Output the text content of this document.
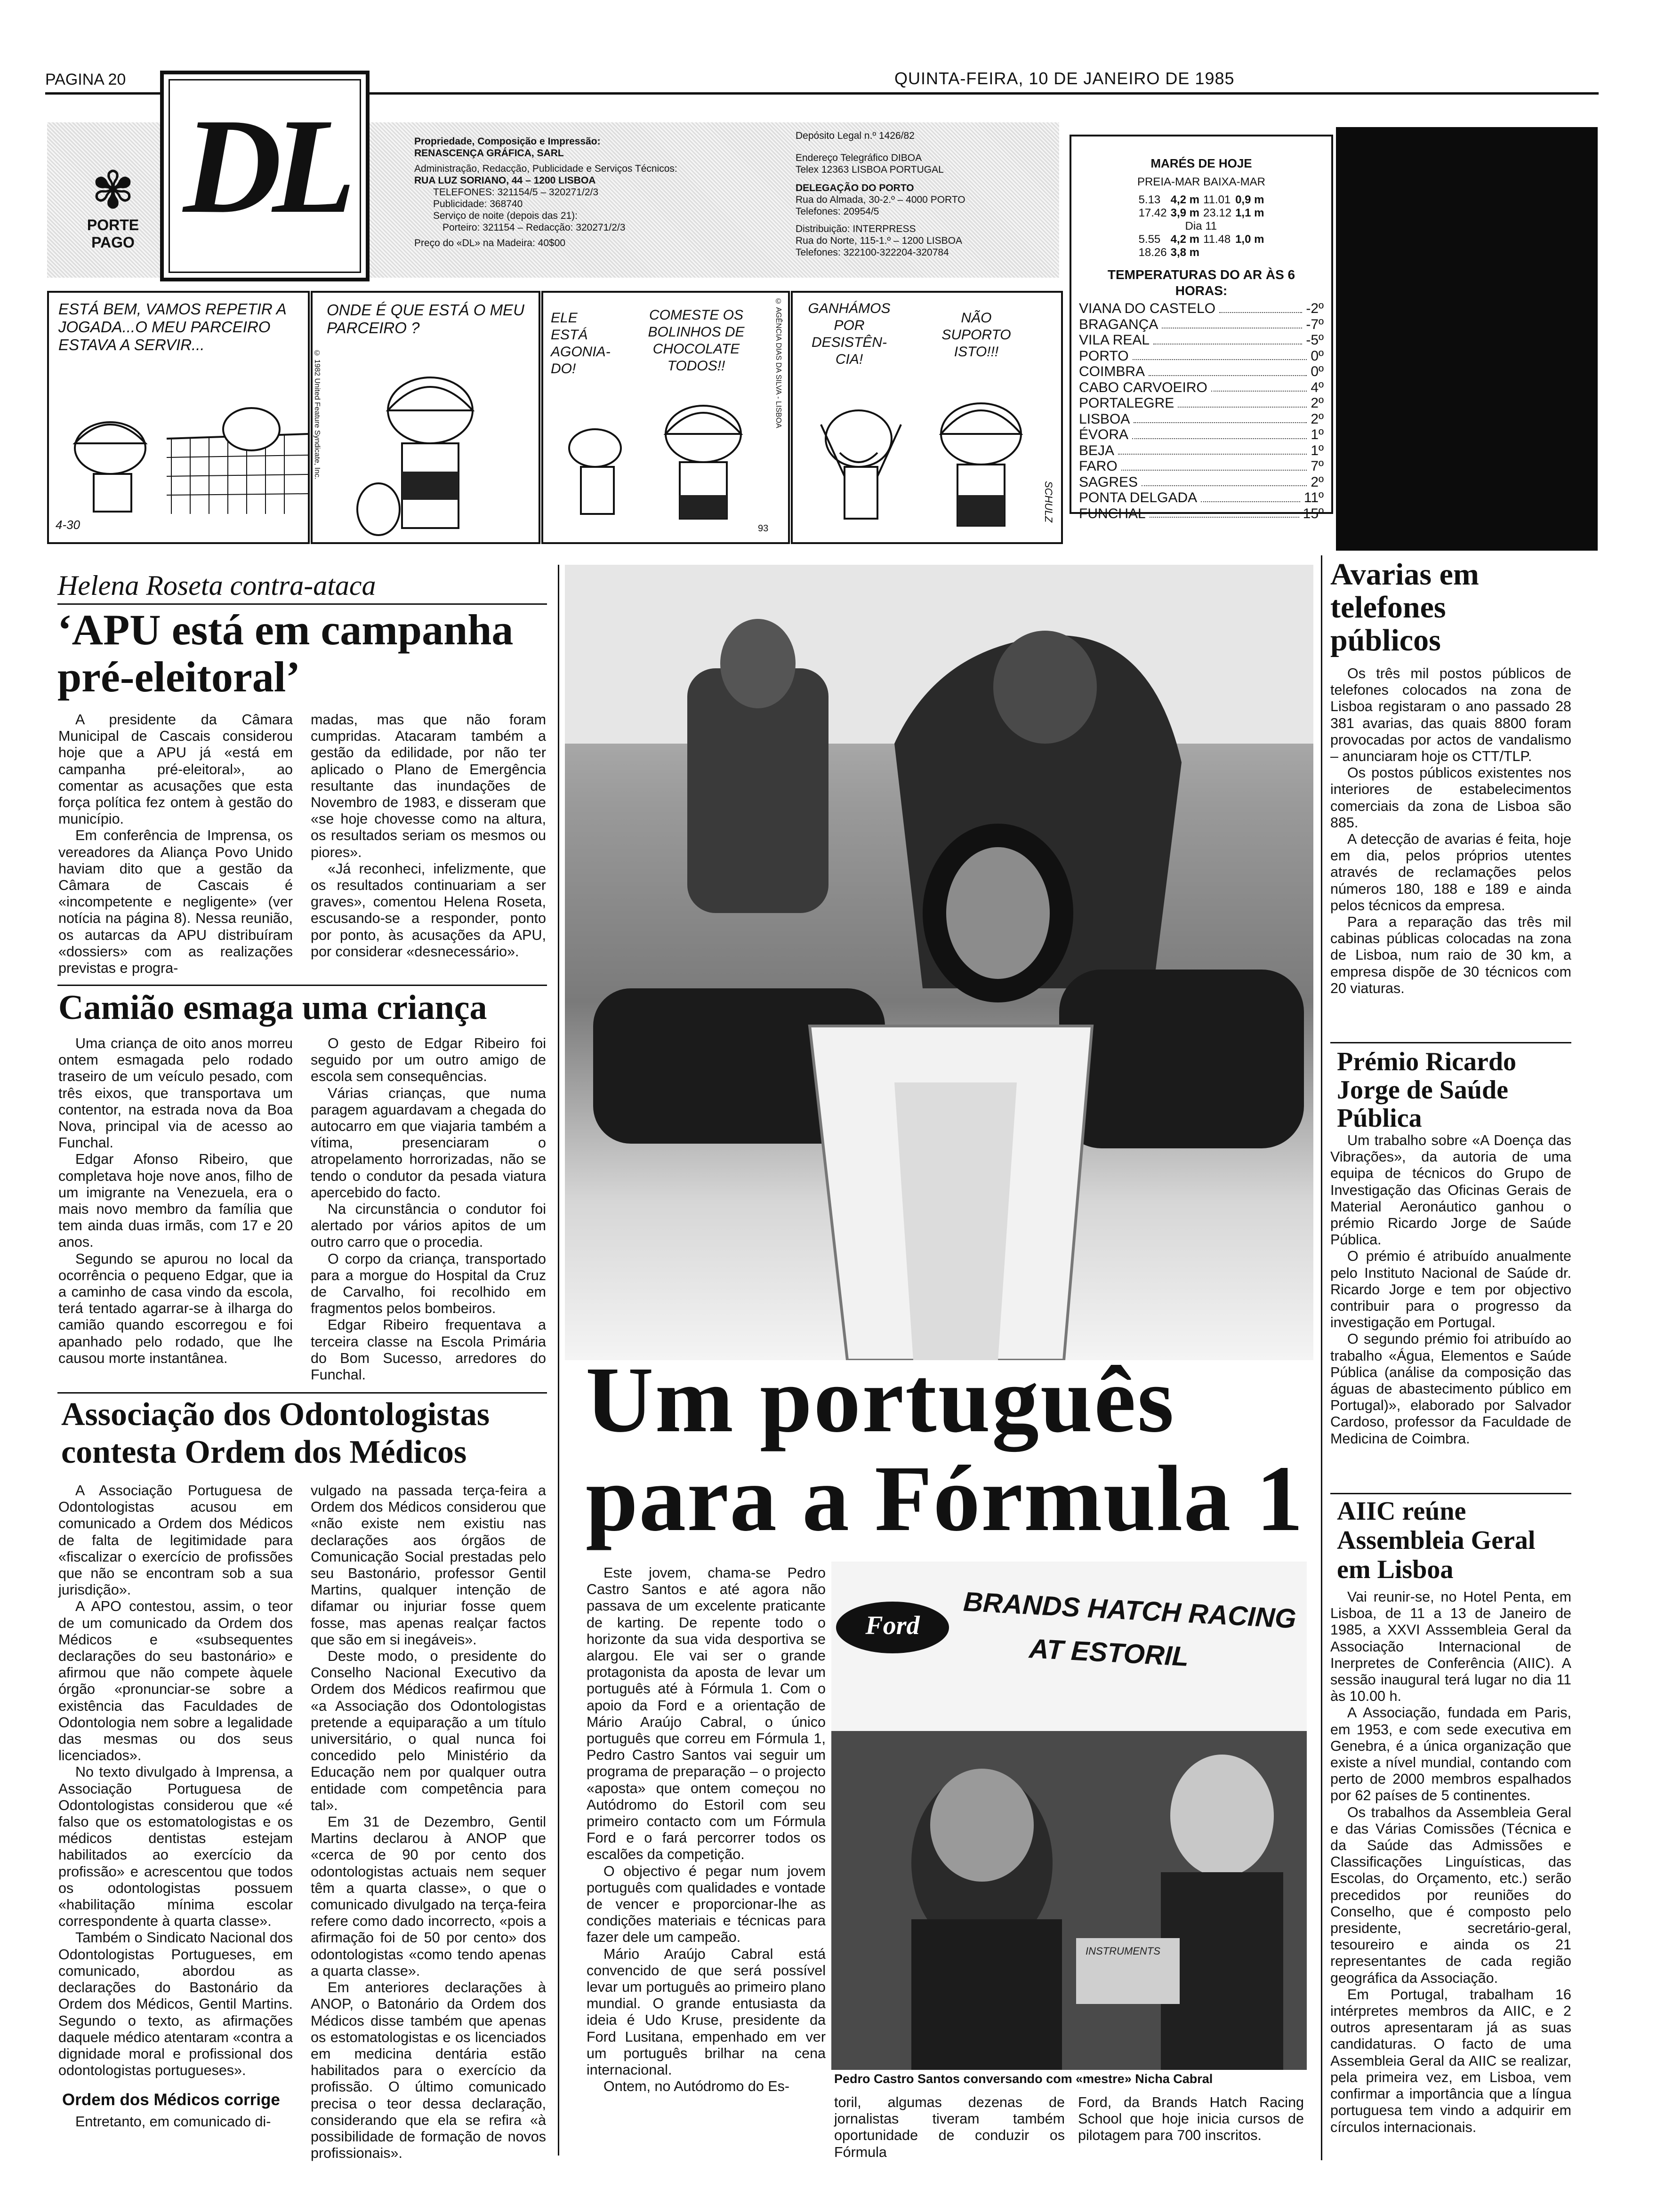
PAGINA 20	QUINTA-FEIRA, 10 DE JANEIRO DE 1985
✾
PORTE
PAGO
DL	Propriedade, Composição e Impressão:
RENASCENÇA GRÁFICA, SARL
Administração, Redacção, Publicidade e Serviços Técnicos:
RUA LUZ SORIANO, 44 – 1200 LISBOA
TELEFONES: 321154/5 – 320271/2/3
Publicidade: 368740
Serviço de noite (depois das 21):
Porteiro: 321154 – Redacção: 320271/2/3
Preço do «DL» na Madeira: 40$00
Depósito Legal n.º 1426/82
Endereço Telegráfico DIBOA
Telex 12363 LISBOA PORTUGAL
DELEGAÇÃO DO PORTO
Rua do Almada, 30-2.º – 4000 PORTO
Telefones: 20954/5
Distribuição: INTERPRESS
Rua do Norte, 115-1.º – 1200 LISBOA
Telefones: 322100-322204-320784
MARÉS DE HOJE
PREIA-MAR BAIXA-MAR
5.13	4,2 m	11.01	0,9 m
17.42	3,9 m	23.12	1,1 m
	Dia 11		
5.55	4,2 m	11.48	1,0 m
18.26	3,8 m		
TEMPERATURAS DO AR ÀS 6 HORAS:
VIANA DO CASTELO	-2º
BRAGANÇA	-7º
VILA REAL	-5º
PORTO	0º
COIMBRA	0º
CABO CARVOEIRO	4º
PORTALEGRE	2º
LISBOA	2º
ÉVORA	1º
BEJA	1º
FARO	7º
SAGRES	2º
PONTA DELGADA	11º
FUNCHAL	15º
ESTÁ BEM, VAMOS REPETIR A JOGADA...O MEU PARCEIRO ESTAVA A SERVIR...
4-30
ONDE É QUE ESTÁ O MEU PARCEIRO ?
© 1982 United Feature Syndicate, Inc.
ELE ESTÁ AGONIA-DO!
COMESTE OS BOLINHOS DE CHOCOLATE TODOS!!	© AGÊNCIA DIAS DA SILVA - LISBOA
93
GANHÁMOS POR DESISTÊN-CIA!
NÃO SUPORTO ISTO!!!
SCHULZ
Helena Roseta contra-ataca
‘APU está em campanha pré-eleitoral’

A presidente da Câmara Municipal de Cascais considerou hoje que a APU já «está em campanha pré-eleitoral», ao comentar as acusações que esta força política fez ontem à gestão do município.

Em conferência de Imprensa, os vereadores da Aliança Povo Unido haviam dito que a gestão da Câmara de Cascais é «incompetente e negligente» (ver notícia na página 8). Nessa reunião, os autarcas da APU distribuíram «dossiers» com as realizações previstas e progra-

madas, mas que não foram cumpridas. Atacaram também a gestão da edilidade, por não ter aplicado o Plano de Emergência resultante das inundações de Novembro de 1983, e disseram que «se hoje chovesse como na altura, os resultados seriam os mesmos ou piores».

«Já reconheci, infelizmente, que os resultados continuariam a ser graves», comentou Helena Roseta, escusando-se a responder, ponto por ponto, às acusações da APU, por considerar «desnecessário».

Camião esmaga uma criança

Uma criança de oito anos morreu ontem esmagada pelo rodado traseiro de um veículo pesado, com três eixos, que transportava um contentor, na estrada nova da Boa Nova, principal via de acesso ao Funchal.

Edgar Afonso Ribeiro, que completava hoje nove anos, filho de um imigrante na Venezuela, era o mais novo membro da família que tem ainda duas irmãs, com 17 e 20 anos.

Segundo se apurou no local da ocorrência o pequeno Edgar, que ia a caminho de casa vindo da escola, terá tentado agarrar-se à ilharga do camião quando escorregou e foi apanhado pelo rodado, que lhe causou morte instantânea.

O gesto de Edgar Ribeiro foi seguido por um outro amigo de escola sem consequências.

Várias crianças, que numa paragem aguardavam a chegada do autocarro em que viajaria também a vítima, presenciaram o atropelamento horrorizadas, não se tendo o condutor da pesada viatura apercebido do facto.

Na circunstância o condutor foi alertado por vários apitos de um outro carro que o procedia.

O corpo da criança, transportado para a morgue do Hospital da Cruz de Carvalho, foi recolhido em fragmentos pelos bombeiros.

Edgar Ribeiro frequentava a terceira classe na Escola Primária do Bom Sucesso, arredores do Funchal.

Associação dos Odontologistas contesta Ordem dos Médicos

A Associação Portuguesa de Odontologistas acusou em comunicado a Ordem dos Médicos de falta de legitimidade para «fiscalizar o exercício de profissões que não se encontram sob a sua jurisdição».

A APO contestou, assim, o teor de um comunicado da Ordem dos Médicos e «subsequentes declarações do seu bastonário» e afirmou que não compete àquele órgão «pronunciar-se sobre a existência das Faculdades de Odontologia nem sobre a legalidade das mesmas ou dos seus licenciados».

No texto divulgado à Imprensa, a Associação Portuguesa de Odontologistas considerou que «é falso que os estomatologistas e os médicos dentistas estejam habilitados ao exercício da profissão» e acrescentou que todos os odontologistas possuem «habilitação mínima escolar correspondente à quarta classe».

Também o Sindicato Nacional dos Odontologistas Portugueses, em comunicado, abordou as declarações do Bastonário da Ordem dos Médicos, Gentil Martins. Segundo o texto, as afirmações daquele médico atentaram «contra a dignidade moral e profissional dos odontologistas portugueses».

Ordem dos Médicos corrige

Entretanto, em comunicado di-

vulgado na passada terça-feira a Ordem dos Médicos considerou que «não existe nem existiu nas declarações aos órgãos de Comunicação Social prestadas pelo seu Bastonário, professor Gentil Martins, qualquer intenção de difamar ou injuriar fosse quem fosse, mas apenas realçar factos que são em si inegáveis».

Deste modo, o presidente do Conselho Nacional Executivo da Ordem dos Médicos reafirmou que «a Associação dos Odontologistas pretende a equiparação a um título universitário, o qual nunca foi concedido pelo Ministério da Educação nem por qualquer outra entidade com competência para tal».

Em 31 de Dezembro, Gentil Martins declarou à ANOP que «cerca de 90 por cento dos odontologistas actuais nem sequer têm a quarta classe», o que o comunicado divulgado na terça-feira refere como dado incorrecto, «pois a afirmação foi de 50 por cento» dos odontologistas «como tendo apenas a quarta classe».

Em anteriores declarações à ANOP, o Batonário da Ordem dos Médicos disse também que apenas os estomatologistas e os licenciados em medicina dentária estão habilitados para o exercício da profissão. O último comunicado precisa o teor dessa declaração, considerando que ela se refira «à possibilidade de formação de novos profissionais».

Um português
para a Fórmula 1

Este jovem, chama-se Pedro Castro Santos e até agora não passava de um excelente praticante de karting. De repente todo o horizonte da sua vida desportiva se alargou. Ele vai ser o grande protagonista da aposta de levar um português até à Fórmula 1. Com o apoio da Ford e a orientação de Mário Araújo Cabral, o único português que correu em Fórmula 1, Pedro Castro Santos vai seguir um programa de preparação – o projecto «aposta» que ontem começou no Autódromo do Estoril com seu primeiro contacto com um Fórmula Ford e o fará percorrer todos os escalões da competição.

O objectivo é pegar num jovem português com qualidades e vontade de vencer e proporcionar-lhe as condições materiais e técnicas para fazer dele um campeão.

Mário Araújo Cabral está convencido de que será possível levar um português ao primeiro plano mundial. O grande entusiasta da ideia é Udo Kruse, presidente da Ford Lusitana, empenhado em ver um português brilhar na cena internacional.

Ontem, no Autódromo do Es-

Ford	BRANDS HATCH RACING
AT ESTORIL
INSTRUMENTS
Pedro Castro Santos conversando com «mestre» Nicha Cabral
toril, algumas dezenas de jornalistas tiveram também oportunidade de conduzir os Fórmula
Ford, da Brands Hatch Racing School que hoje inicia cursos de pilotagem para 700 inscritos.
Avarias em telefones públicos

Os três mil postos públicos de telefones colocados na zona de Lisboa registaram o ano passado 28 381 avarias, das quais 8800 foram provocadas por actos de vandalismo – anunciaram hoje os CTT/TLP.

Os postos públicos existentes nos interiores de estabelecimentos comerciais da zona de Lisboa são 885.

A detecção de avarias é feita, hoje em dia, pelos próprios utentes através de reclamações pelos números 180, 188 e 189 e ainda pelos técnicos da empresa.

Para a reparação das três mil cabinas públicas colocadas na zona de Lisboa, num raio de 30 km, a empresa dispõe de 30 técnicos com 20 viaturas.

Prémio Ricardo Jorge de Saúde Pública

Um trabalho sobre «A Doença das Vibrações», da autoria de uma equipa de técnicos do Grupo de Investigação das Oficinas Gerais de Material Aeronáutico ganhou o prémio Ricardo Jorge de Saúde Pública.

O prémio é atribuído anualmente pelo Instituto Nacional de Saúde dr. Ricardo Jorge e tem por objectivo contribuir para o progresso da investigação em Portugal.

O segundo prémio foi atribuído ao trabalho «Água, Elementos e Saúde Pública (análise da composição das águas de abastecimento público em Portugal)», elaborado por Salvador Cardoso, professor da Faculdade de Medicina de Coimbra.

AIIC reúne Assembleia Geral em Lisboa

Vai reunir-se, no Hotel Penta, em Lisboa, de 11 a 13 de Janeiro de 1985, a XXVI Asssembleia Geral da Associação Internacional de Inerpretes de Conferência (AIIC). A sessão inaugural terá lugar no dia 11 às 10.00 h.

A Associação, fundada em Paris, em 1953, e com sede executiva em Genebra, é a única organização que existe a nível mundial, contando com perto de 2000 membros espalhados por 62 países de 5 continentes.

Os trabalhos da Assembleia Geral e das Várias Comissões (Técnica e da Saúde das Admissões e Classificações Linguísticas, das Escolas, do Orçamento, etc.) serão precedidos por reuniões do Conselho, que é composto pelo presidente, secretário-geral, tesoureiro e ainda os 21 representantes de cada região geográfica da Associação.

Em Portugal, trabalham 16 intérpretes membros da AIIC, e 2 outros apresentaram já as suas candidaturas. O facto de uma Assembleia Geral da AIIC se realizar, pela primeira vez, em Lisboa, vem confirmar a importância que a língua portuguesa tem vindo a adquirir em círculos internacionais.
